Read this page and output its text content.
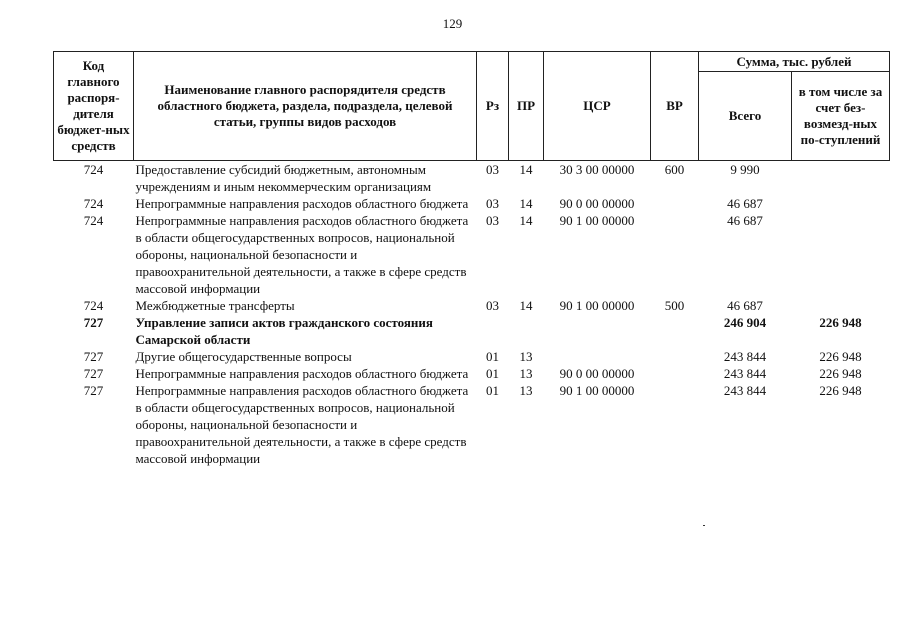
129
Код главного распоря-дителя бюджет-ных средств	Наименование главного распорядителя средств областного бюджета, раздела, подраздела, целевой статьи, группы видов расходов	Рз	ПР	ЦСР	ВР	Сумма, тыс. рублей	
						Всего	в том числе за счет без-возмезд-ных по-ступлений
724	Предоставление субсидий бюджетным, автономным учреждениям и иным некоммерческим организациям	03	14	30 3 00 00000	600	9 990	
724	Непрограммные направления расходов областного бюджета	03	14	90 0 00 00000		46 687	
724	Непрограммные направления расходов областного бюджета в области общегосударственных вопросов, национальной обороны, национальной безопасности и правоохранительной деятельности, а также в сфере средств массовой информации	03	14	90 1 00 00000		46 687	
724	Межбюджетные трансферты	03	14	90 1 00 00000	500	46 687	
727	Управление записи актов гражданского состояния Самарской области					246 904	226 948
727	Другие общегосударственные вопросы	01	13			243 844	226 948
727	Непрограммные направления расходов областного бюджета	01	13	90 0 00 00000		243 844	226 948
727	Непрограммные направления расходов областного бюджета в области общегосударственных вопросов, национальной обороны, национальной безопасности и правоохранительной деятельности, а также в сфере средств массовой информации	01	13	90 1 00 00000		243 844	226 948
